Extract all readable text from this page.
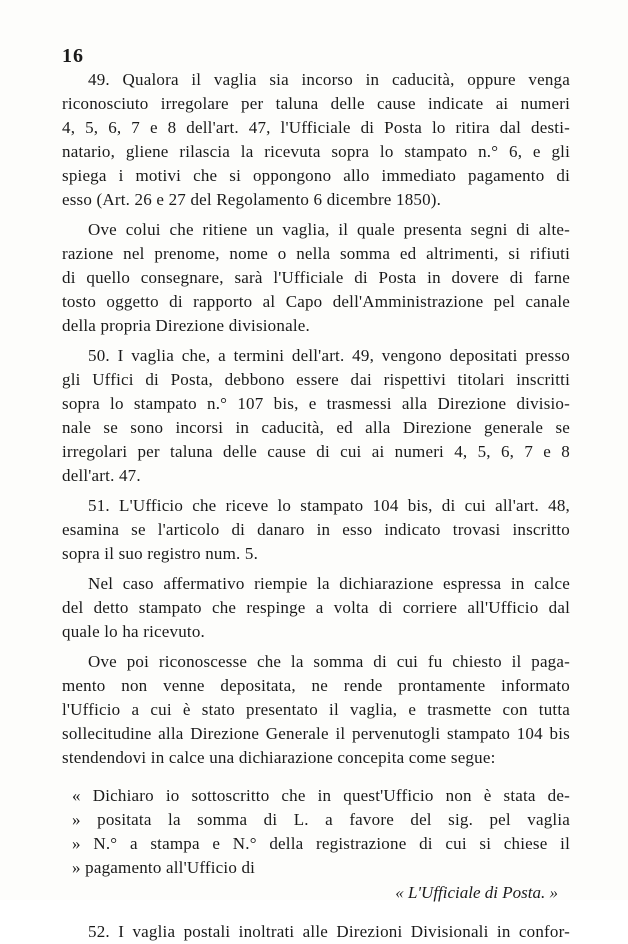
16
49. Qualora il vaglia sia incorso in caducità, oppure venga
riconosciuto irregolare per taluna delle cause indicate ai numeri
4, 5, 6, 7 e 8 dell'art. 47, l'Ufficiale di Posta lo ritira dal desti-
natario, gliene rilascia la ricevuta sopra lo stampato n.° 6, e gli
spiega i motivi che si oppongono allo immediato pagamento di
esso (Art. 26 e 27 del Regolamento 6 dicembre 1850).
Ove colui che ritiene un vaglia, il quale presenta segni di alte-
razione nel prenome, nome o nella somma ed altrimenti, si rifiuti
di quello consegnare, sarà l'Ufficiale di Posta in dovere di farne
tosto oggetto di rapporto al Capo dell'Amministrazione pel canale
della propria Direzione divisionale.
50. I vaglia che, a termini dell'art. 49, vengono depositati presso
gli Uffici di Posta, debbono essere dai rispettivi titolari inscritti
sopra lo stampato n.° 107 bis, e trasmessi alla Direzione divisio-
nale se sono incorsi in caducità, ed alla Direzione generale se
irregolari per taluna delle cause di cui ai numeri 4, 5, 6, 7 e 8
dell'art. 47.
51. L'Ufficio che riceve lo stampato 104 bis, di cui all'art. 48,
esamina se l'articolo di danaro in esso indicato trovasi inscritto
sopra il suo registro num. 5.
Nel caso affermativo riempie la dichiarazione espressa in calce
del detto stampato che respinge a volta di corriere all'Ufficio dal
quale lo ha ricevuto.
Ove poi riconoscesse che la somma di cui fu chiesto il paga-
mento non venne depositata, ne rende prontamente informato
l'Ufficio a cui è stato presentato il vaglia, e trasmette con tutta
sollecitudine alla Direzione Generale il pervenutogli stampato 104 bis
stendendovi in calce una dichiarazione concepita come segue:
« Dichiaro io sottoscritto che in quest'Ufficio non è stata de-
» positata la somma di L. a favore del sig. pel vaglia
» N.° a stampa e N.° della registrazione di cui si chiese il
» pagamento all'Ufficio di
« L'Ufficiale di Posta. »
52. I vaglia postali inoltrati alle Direzioni Divisionali in confor-
